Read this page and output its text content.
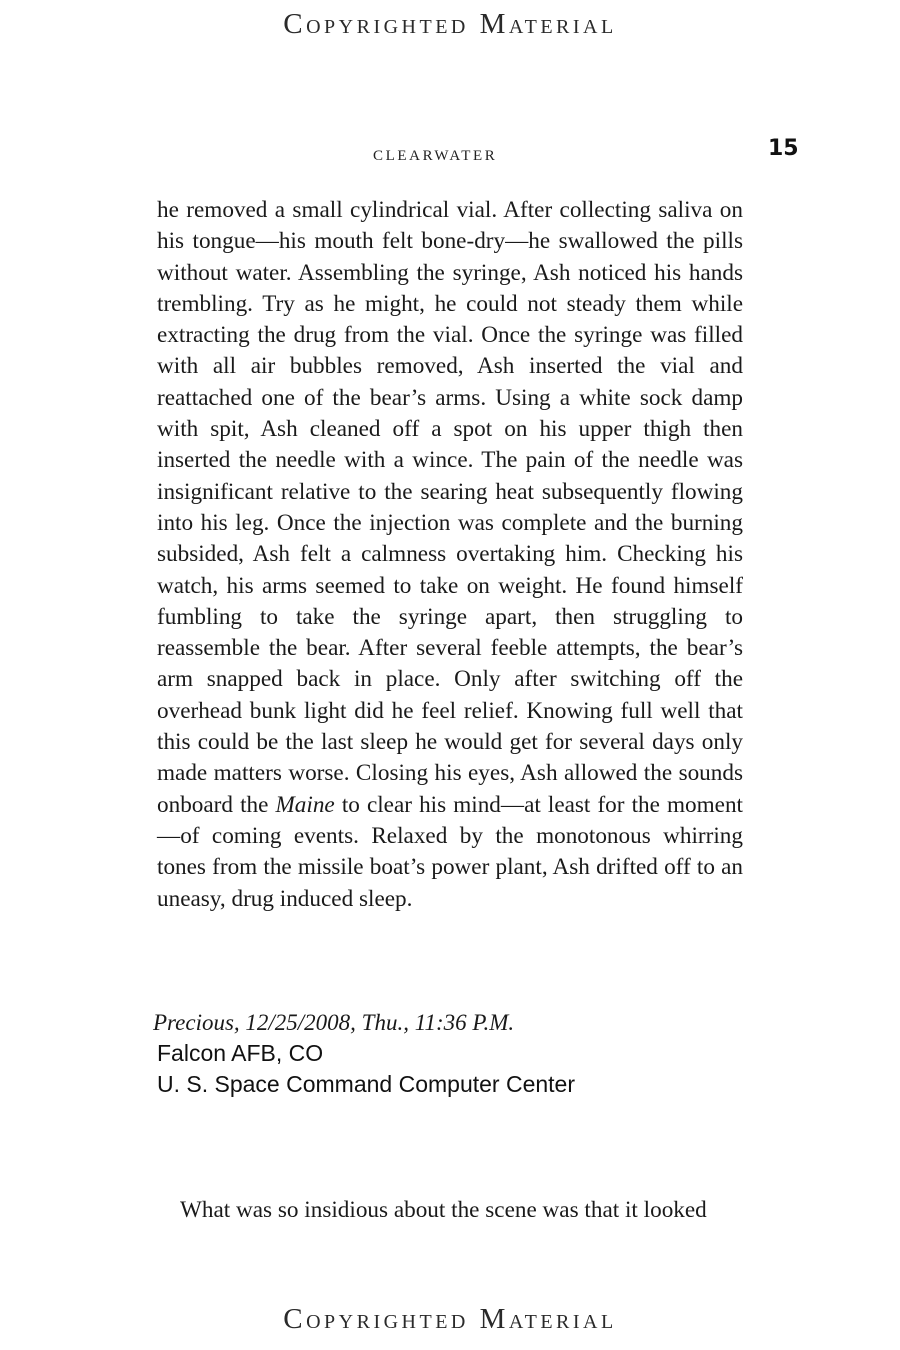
Copyrighted Material
clearwater	15

he removed a small cylindrical vial. After collecting saliva on his tongue—his mouth felt bone-dry—he swallowed the pills without water. Assembling the syringe, Ash noticed his hands trembling. Try as he might, he could not steady them while extracting the drug from the vial. Once the syringe was filled with all air bubbles removed, Ash inserted the vial and reattached one of the bear’s arms. Using a white sock damp with spit, Ash cleaned off a spot on his upper thigh then inserted the needle with a wince. The pain of the needle was insignificant relative to the searing heat subsequently flowing into his leg. Once the injection was complete and the burning subsided, Ash felt a calmness overtaking him. Checking his watch, his arms seemed to take on weight. He found himself fumbling to take the syringe apart, then struggling to reassemble the bear. After several feeble attempts, the bear’s arm snapped back in place. Only after switching off the overhead bunk light did he feel relief. Knowing full well that this could be the last sleep he would get for several days only made matters worse. Closing his eyes, Ash allowed the sounds onboard the Maine to clear his mind—at least for the moment—of coming events. Relaxed by the monotonous whirring tones from the missile boat’s power plant, Ash drifted off to an uneasy, drug induced sleep.

Precious, 12/25/2008, Thu., 11:36 P.M.
Falcon AFB, CO
U. S. Space Command Computer Center

What was so insidious about the scene was that it looked

Copyrighted Material
